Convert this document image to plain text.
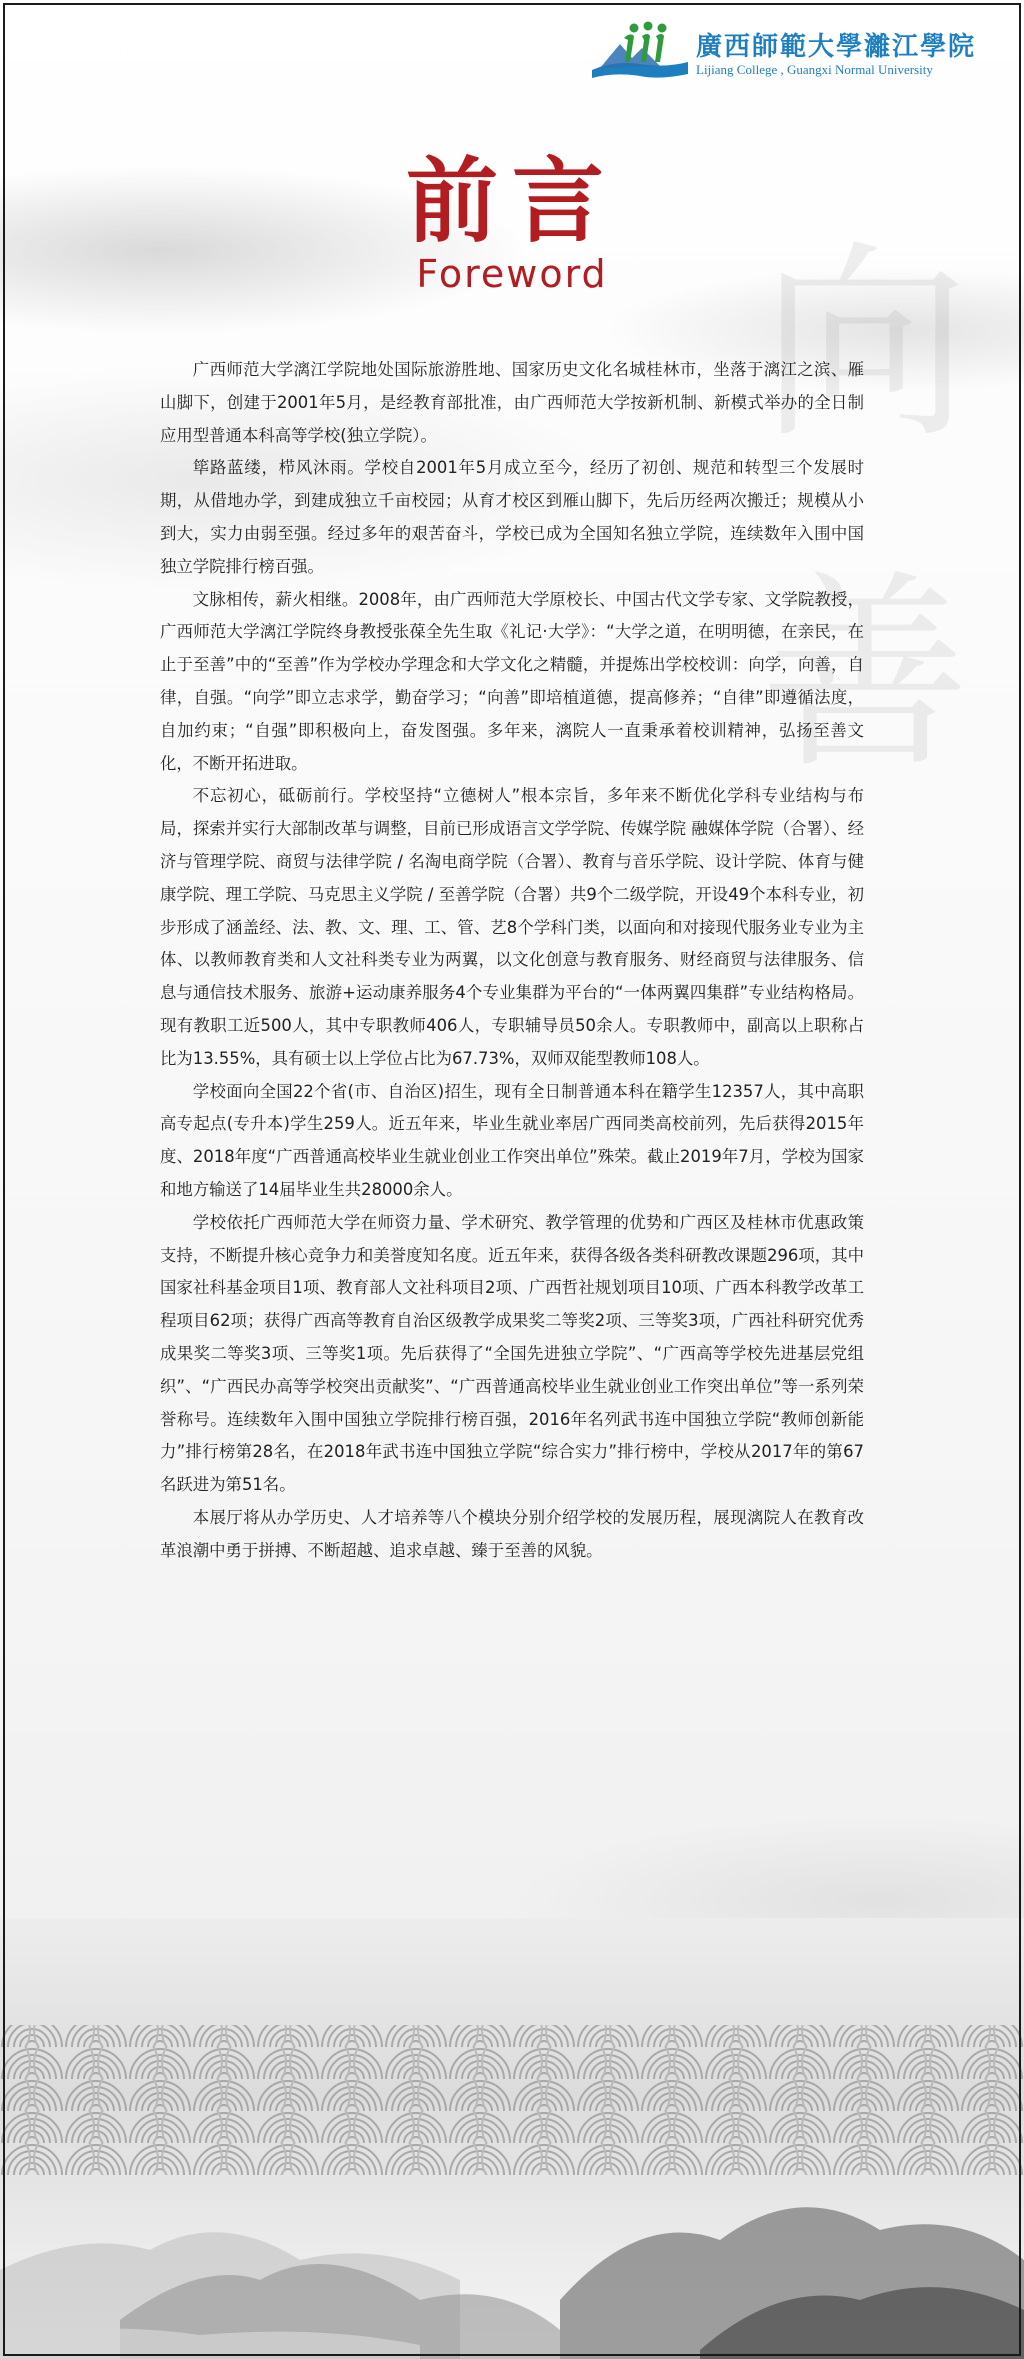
向 善
廣西師範大學灕江學院
Lijiang College , Guangxi Normal University
前言
Foreword

广西师范大学漓江学院地处国际旅游胜地、国家历史文化名城桂林市，坐落于漓江之滨、雁山脚下，创建于2001年5月，是经教育部批准，由广西师范大学按新机制、新模式举办的全日制应用型普通本科高等学校(独立学院）。

筚路蓝缕，栉风沐雨。学校自2001年5月成立至今，经历了初创、规范和转型三个发展时期，从借地办学，到建成独立千亩校园；从育才校区到雁山脚下，先后历经两次搬迁；规模从小到大，实力由弱至强。经过多年的艰苦奋斗，学校已成为全国知名独立学院，连续数年入围中国独立学院排行榜百强。

文脉相传，薪火相继。2008年，由广西师范大学原校长、中国古代文学专家、文学院教授，广西师范大学漓江学院终身教授张葆全先生取《礼记·大学》：“大学之道，在明明德，在亲民，在止于至善”中的“至善”作为学校办学理念和大学文化之精髓，并提炼出学校校训：向学，向善，自律，自强。“向学”即立志求学，勤奋学习；“向善”即培植道德，提高修养；“自律”即遵循法度，自加约束；“自强”即积极向上，奋发图强。多年来，漓院人一直秉承着校训精神，弘扬至善文化，不断开拓进取。

不忘初心，砥砺前行。学校坚持“立德树人”根本宗旨，多年来不断优化学科专业结构与布局，探索并实行大部制改革与调整，目前已形成语言文学学院、传媒学院 融媒体学院（合署）、经济与管理学院、商贸与法律学院 / 名淘电商学院（合署）、教育与音乐学院、设计学院、体育与健康学院、理工学院、马克思主义学院 / 至善学院（合署）共9个二级学院，开设49个本科专业，初步形成了涵盖经、法、教、文、理、工、管、艺8个学科门类，以面向和对接现代服务业专业为主体、以教师教育类和人文社科类专业为两翼，以文化创意与教育服务、财经商贸与法律服务、信息与通信技术服务、旅游+运动康养服务4个专业集群为平台的“一体两翼四集群”专业结构格局。现有教职工近500人，其中专职教师406人，专职辅导员50余人。专职教师中，副高以上职称占比为13.55%，具有硕士以上学位占比为67.73%，双师双能型教师108人。

学校面向全国22个省(市、自治区)招生，现有全日制普通本科在籍学生12357人，其中高职高专起点(专升本)学生259人。近五年来，毕业生就业率居广西同类高校前列，先后获得2015年度、2018年度“广西普通高校毕业生就业创业工作突出单位”殊荣。截止2019年7月，学校为国家和地方输送了14届毕业生共28000余人。

学校依托广西师范大学在师资力量、学术研究、教学管理的优势和广西区及桂林市优惠政策支持，不断提升核心竞争力和美誉度知名度。近五年来，获得各级各类科研教改课题296项，其中国家社科基金项目1项、教育部人文社科项目2项、广西哲社规划项目10项、广西本科教学改革工程项目62项；获得广西高等教育自治区级教学成果奖二等奖2项、三等奖3项，广西社科研究优秀成果奖二等奖3项、三等奖1项。先后获得了“全国先进独立学院”、“广西高等学校先进基层党组织”、“广西民办高等学校突出贡献奖”、“广西普通高校毕业生就业创业工作突出单位”等一系列荣誉称号。连续数年入围中国独立学院排行榜百强，2016年名列武书连中国独立学院“教师创新能力”排行榜第28名，在2018年武书连中国独立学院“综合实力”排行榜中，学校从2017年的第67名跃进为第51名。

本展厅将从办学历史、人才培养等八个模块分别介绍学校的发展历程，展现漓院人在教育改革浪潮中勇于拼搏、不断超越、追求卓越、臻于至善的风貌。
